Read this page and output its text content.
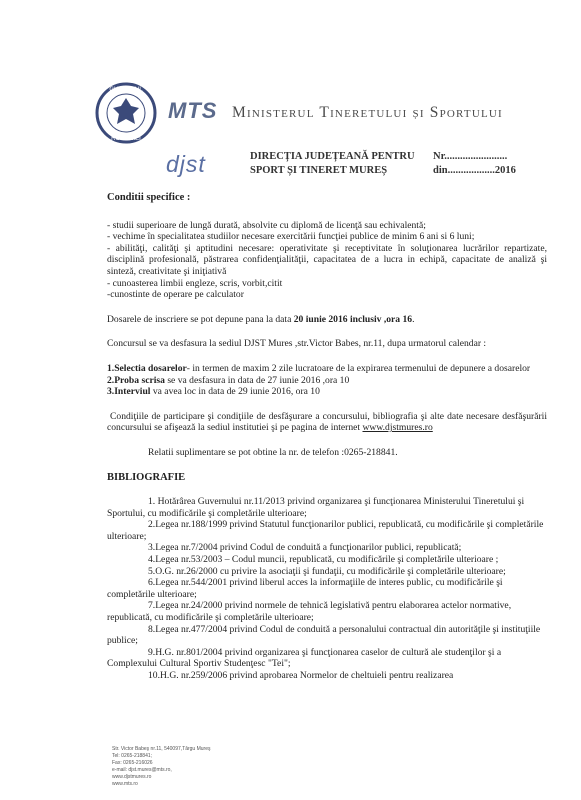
GUVERNUL
ROMÂNIEI
MTS Ministerul Tineretului și Sportului
djst	DIRECȚIA JUDEȚEANĂ PENTRU
SPORT ȘI TINERET MUREȘ
Nr........................
din..................2016

Conditii specifice :

- studii superioare de lungă durată, absolvite cu diplomă de licenţă sau echivalentă;

- vechime în specialitatea studiilor necesare exercitării funcţiei publice de minim 6 ani si 6 luni;

- abilităţi, calităţi şi aptitudini necesare: operativitate şi receptivitate în soluţionarea lucrărilor repartizate, disciplină profesională, păstrarea confidenţialităţii, capacitatea de a lucra in echipă, capacitate de analiză şi sinteză, creativitate şi iniţiativă

- cunoasterea limbii engleze, scris, vorbit,citit

-cunostinte de operare pe calculator

Dosarele de inscriere se pot depune pana la data 20 iunie 2016 inclusiv ,ora 16.

Concursul se va desfasura la sediul DJST Mures ,str.Victor Babes, nr.11, dupa urmatorul calendar :

1.Selectia dosarelor- in termen de maxim 2 zile lucratoare de la expirarea termenului de depunere a dosarelor

2.Proba scrisa se va desfasura in data de 27 iunie 2016 ,ora 10

3.Interviul va avea loc in data de 29 iunie 2016, ora 10

Condiţiile de participare şi condiţiile de desfăşurare a concursului, bibliografia şi alte date necesare desfăşurării concursului se afişează la sediul institutiei şi pe pagina de internet www.djstmures.ro

Relatii suplimentare se pot obtine la nr. de telefon :0265-218841.

BIBLIOGRAFIE

1. Hotărârea Guvernului nr.11/2013 privind organizarea şi funcţionarea Ministerului Tineretului şi Sportului, cu modificările şi completările ulterioare;

2.Legea nr.188/1999 privind Statutul funcţionarilor publici, republicată, cu modificările şi completările ulterioare;

3.Legea nr.7/2004 privind Codul de conduită a funcţionarilor publici, republicată;

4.Legea nr.53/2003 – Codul muncii, republicată, cu modificările şi completările ulterioare ;

5.O.G. nr.26/2000 cu privire la asociaţii şi fundaţii, cu modificările şi completările ulterioare;

6.Legea nr.544/2001 privind liberul acces la informaţiile de interes public, cu modificările şi completările ulterioare;

7.Legea nr.24/2000 privind normele de tehnică legislativă pentru elaborarea actelor normative, republicată, cu modificările şi completările ulterioare;

8.Legea nr.477/2004 privind Codul de conduită a personalului contractual din autorităţile şi instituţiile publice;

9.H.G. nr.801/2004 privind organizarea şi funcţionarea caselor de cultură ale studenţilor şi a Complexului Cultural Sportiv Studenţesc "Tei";

10.H.G. nr.259/2006 privind aprobarea Normelor de cheltuieli pentru realizarea

Str. Victor Babeş nr.11, 540097,Târgu Mureş
Tel: 0265-218841;
Fax: 0265-216026
e-mail: djst.mures@mts.ro,
www.djstmures.ro
www.mts.ro
